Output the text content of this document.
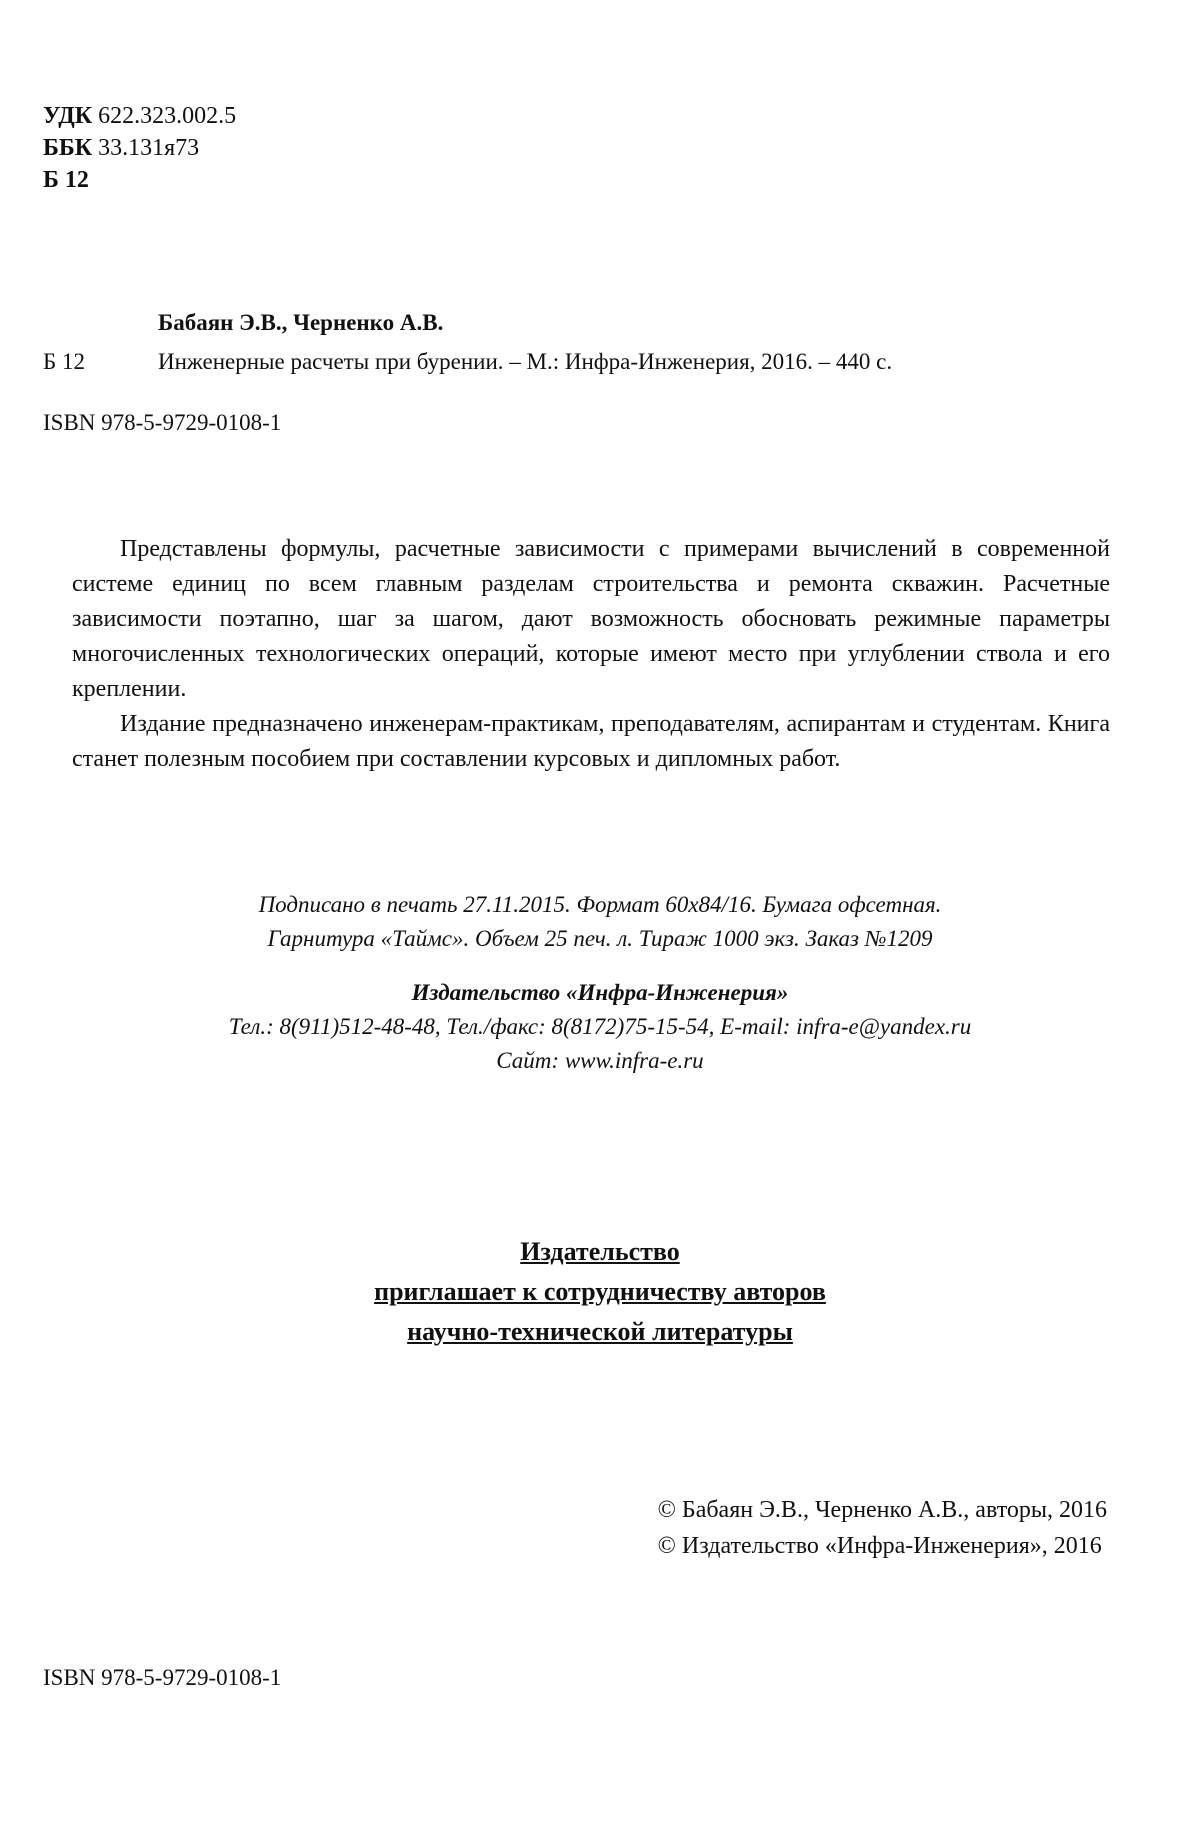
УДК 622.323.002.5
ББК 33.131я73
Б 12
Бабаян Э.В., Черненко А.В.
Б 12	Инженерные расчеты при бурении. – М.: Инфра-Инженерия, 2016. – 440 с.
ISBN 978-5-9729-0108-1

Представлены формулы, расчетные зависимости с примерами вычислений в современной системе единиц по всем главным разделам строительства и ремонта скважин. Расчетные зависимости поэтапно, шаг за шагом, дают возможность обосновать режимные параметры многочисленных технологических операций, которые имеют место при углублении ствола и его креплении.

Издание предназначено инженерам-практикам, преподавателям, аспирантам и студентам. Книга станет полезным пособием при составлении курсовых и дипломных работ.

Подписано в печать 27.11.2015. Формат 60х84/16. Бумага офсетная.
Гарнитура «Таймс». Объем 25 печ. л. Тираж 1000 экз. Заказ №1209
Издательство «Инфра-Инженерия»
Тел.: 8(911)512-48-48, Тел./факс: 8(8172)75-15-54, E-mail: infra-e@yandex.ru
Сайт: www.infra-e.ru
Издательство
приглашает к сотрудничеству авторов
научно-технической литературы
© Бабаян Э.В., Черненко А.В., авторы, 2016
© Издательство «Инфра-Инженерия», 2016
ISBN 978-5-9729-0108-1
